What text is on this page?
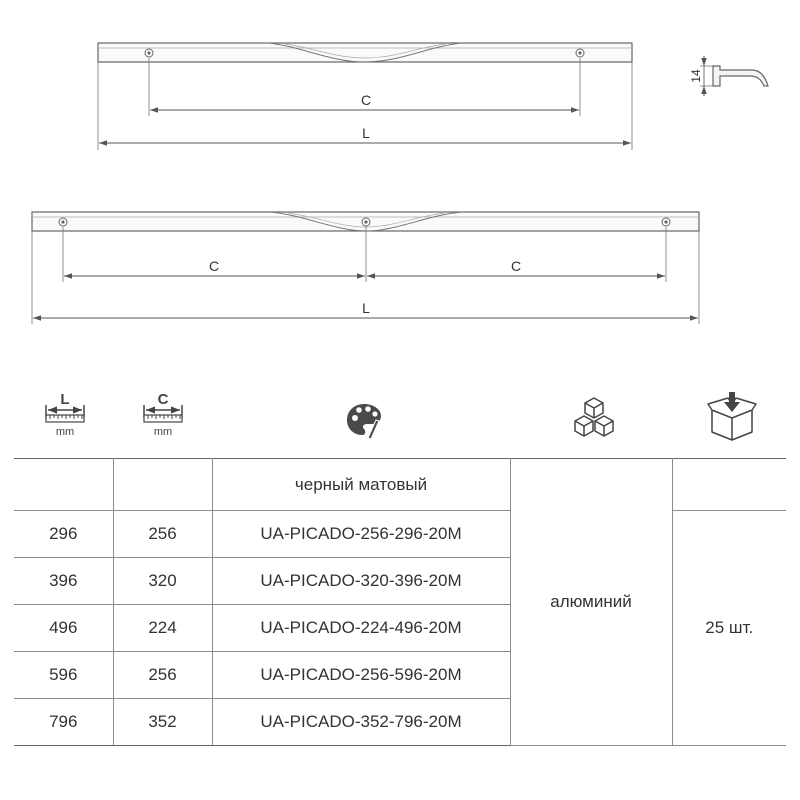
C
L
14
C	C
L
L
mm
C
mm
		черный матовый	алюминий	
296	256	UA-PICADO-256-296-20M		25 шт.
396	320	UA-PICADO-320-396-20M		
496	224	UA-PICADO-224-496-20M		
596	256	UA-PICADO-256-596-20M		
796	352	UA-PICADO-352-796-20M		
